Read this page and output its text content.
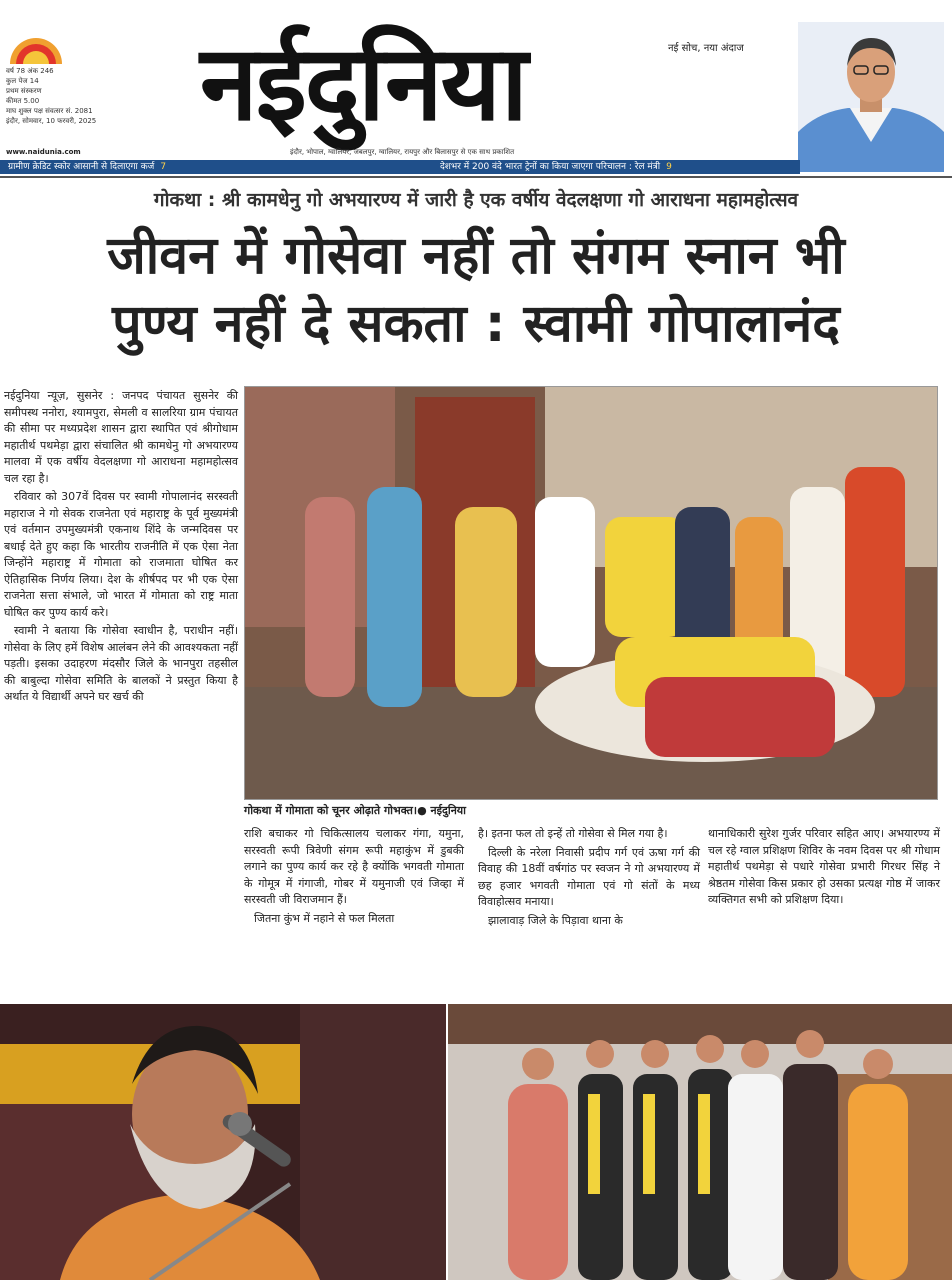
वर्ष 78 अंक 246
कुल पेज 14
प्रथम संस्करण
कीमत 5.00
माघ शुक्ल पक्ष संवत्सर सं. 2081
इंदौर, सोमवार, 10 फरवरी, 2025 नईदुनिया	नई सोच, नया अंदाज
www.naidunia.com	इंदौर, भोपाल, ग्वालियर, जबलपुर, ग्वालियर, रायपुर और बिलासपुर से एक साथ प्रकाशित
ग्रामीण क्रेडिट स्कोर आसानी से दिलाएगा कर्ज 7	देशभर में 200 वंदे भारत ट्रेनों का किया जाएगा परिचालन : रेल मंत्री 9
गोकथा : श्री कामधेनु गो अभयारण्य में जारी है एक वर्षीय वेदलक्षणा गो आराधना महामहोत्सव
जीवन में गोसेवा नहीं तो संगम स्नान भी
पुण्य नहीं दे सकता : स्वामी गोपालानंद

नईदुनिया न्यूज़, सुसनेर : जनपद पंचायत सुसनेर की समीपस्थ ननोरा, श्यामपुरा, सेमली व सालरिया ग्राम पंचायत की सीमा पर मध्यप्रदेश शासन द्वारा स्थापित एवं श्रीगोधाम महातीर्थ पथमेड़ा द्वारा संचालित श्री कामधेनु गो अभयारण्य मालवा में एक वर्षीय वेदलक्षणा गो आराधना महामहोत्सव चल रहा है।

रविवार को 307वें दिवस पर स्वामी गोपालानंद सरस्वती महाराज ने गो सेवक राजनेता एवं महाराष्ट्र के पूर्व मुख्यमंत्री एवं वर्तमान उपमुख्यमंत्री एकनाथ शिंदे के जन्मदिवस पर बधाई देते हुए कहा कि भारतीय राजनीति में एक ऐसा नेता जिन्होंने महाराष्ट्र में गोमाता को राजमाता घोषित कर ऐतिहासिक निर्णय लिया। देश के शीर्षपद पर भी एक ऐसा राजनेता सत्ता संभाले, जो भारत में गोमाता को राष्ट्र माता घोषित कर पुण्य कार्य करे।

स्वामी ने बताया कि गोसेवा स्वाधीन है, पराधीन नहीं। गोसेवा के लिए हमें विशेष आलंबन लेने की आवश्यकता नहीं पड़ती। इसका उदाहरण मंदसौर जिले के भानपुरा तहसील की बाबुल्दा गोसेवा समिति के बालकों ने प्रस्तुत किया है अर्थात ये विद्यार्थी अपने घर खर्च की

गोकथा में गोमाता को चूनर ओढ़ाते गोभक्त।● नईदुनिया

राशि बचाकर गो चिकित्सालय चलाकर गंगा, यमुना, सरस्वती रूपी त्रिवेणी संगम रूपी महाकुंभ में डुबकी लगाने का पुण्य कार्य कर रहे है क्योंकि भगवती गोमाता के गोमूत्र में गंगाजी, गोबर में यमुनाजी एवं जिव्हा में सरस्वती जी विराजमान हैं।

जितना कुंभ में नहाने से फल मिलता

है। इतना फल तो इन्हें तो गोसेवा से मिल गया है।

दिल्ली के नरेला निवासी प्रदीप गर्ग एवं ऊषा गर्ग की विवाह की 18वीं वर्षगांठ पर स्वजन ने गो अभयारण्य में छह हजार भगवती गोमाता एवं गो संतों के मध्य विवाहोत्सव मनाया।

झालावाड़ जिले के पिड़ावा थाना के

थानाधिकारी सुरेश गुर्जर परिवार सहित आए। अभयारण्य में चल रहे ग्वाल प्रशिक्षण शिविर के नवम दिवस पर श्री गोधाम महातीर्थ पथमेड़ा से पधारे गोसेवा प्रभारी गिरधर सिंह ने श्रेष्ठतम गोसेवा किस प्रकार हो उसका प्रत्यक्ष गोष्ठ में जाकर व्यक्तिगत सभी को प्रशिक्षण दिया।
